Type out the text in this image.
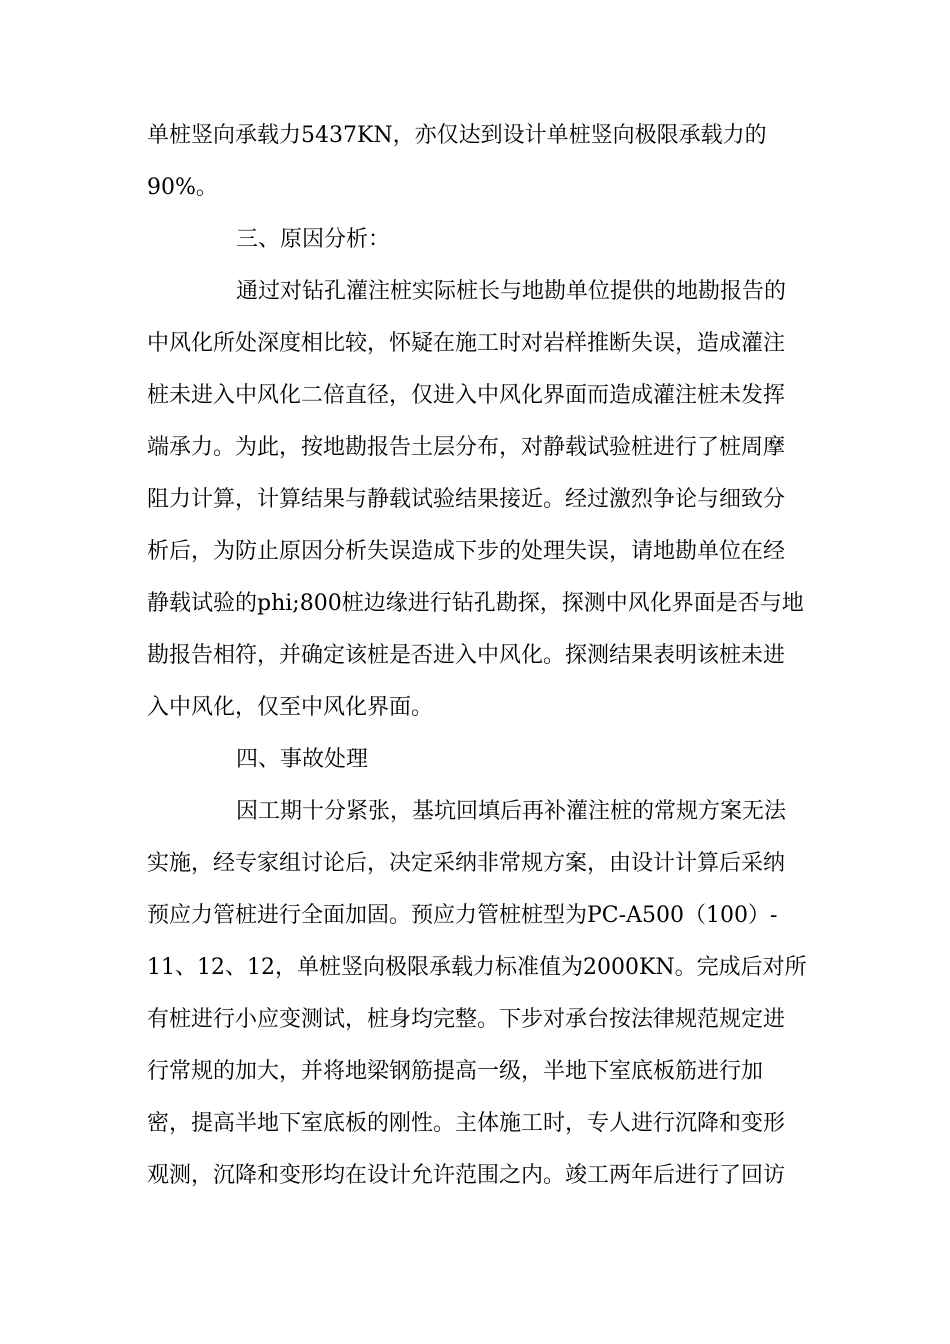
单桩竖向承载力5437KN，亦仅达到设计单桩竖向极限承载力的
90%。
三、原因分析：
通过对钻孔灌注桩实际桩长与地勘单位提供的地勘报告的
中风化所处深度相比较，怀疑在施工时对岩样推断失误，造成灌注
桩未进入中风化二倍直径，仅进入中风化界面而造成灌注桩未发挥
端承力。为此，按地勘报告土层分布，对静载试验桩进行了桩周摩
阻力计算，计算结果与静载试验结果接近。经过激烈争论与细致分
析后，为防止原因分析失误造成下步的处理失误，请地勘单位在经
静载试验的phi;800桩边缘进行钻孔勘探，探测中风化界面是否与地
勘报告相符，并确定该桩是否进入中风化。探测结果表明该桩未进
入中风化，仅至中风化界面。
四、事故处理
因工期十分紧张，基坑回填后再补灌注桩的常规方案无法
实施，经专家组讨论后，决定采纳非常规方案，由设计计算后采纳
预应力管桩进行全面加固。预应力管桩桩型为PC-A500（100）-
11、12、12，单桩竖向极限承载力标准值为2000KN。完成后对所
有桩进行小应变测试，桩身均完整。下步对承台按法律规范规定进
行常规的加大，并将地梁钢筋提高一级，半地下室底板筋进行加
密，提高半地下室底板的刚性。主体施工时，专人进行沉降和变形
观测，沉降和变形均在设计允许范围之内。竣工两年后进行了回访
